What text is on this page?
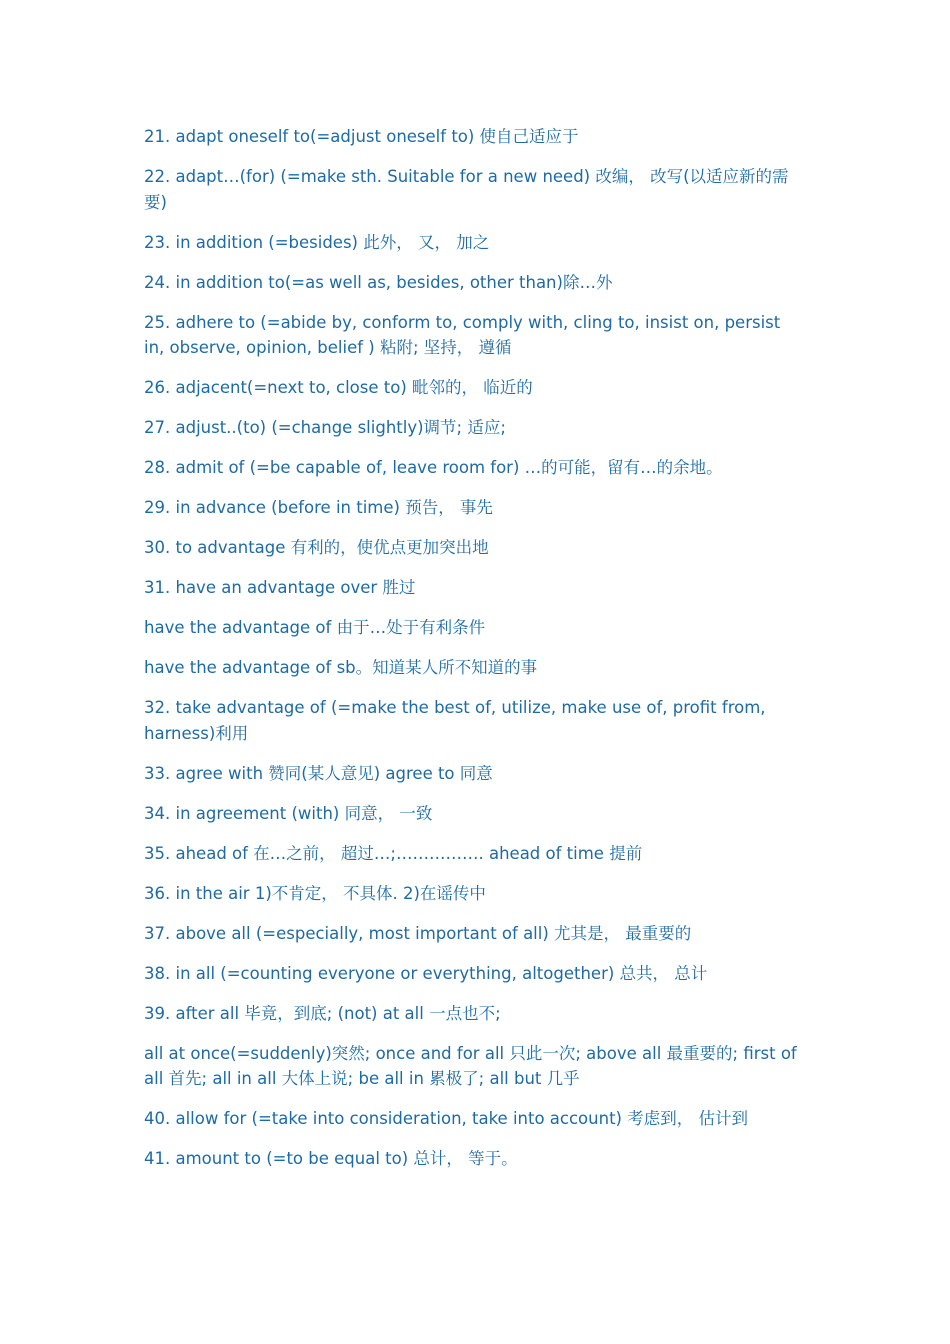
21. adapt oneself to(=adjust oneself to) 使自己适应于

22. adapt…(for) (=make sth. Suitable for a new need) 改编， 改写(以适应新的需要)

23. in addition (=besides) 此外， 又， 加之

24. in addition to(=as well as, besides, other than)除…外

25. adhere to (=abide by, conform to, comply with, cling to, insist on, persist in, observe, opinion, belief ) 粘附; 坚持， 遵循

26. adjacent(=next to, close to) 毗邻的， 临近的

27. adjust..(to) (=change slightly)调节; 适应;

28. admit of (=be capable of, leave room for) …的可能，留有…的余地。

29. in advance (before in time) 预告， 事先

30. to advantage 有利的，使优点更加突出地

31. have an advantage over 胜过

have the advantage of 由于…处于有利条件

have the advantage of sb。知道某人所不知道的事

32. take advantage of (=make the best of, utilize, make use of, profit from, harness)利用

33. agree with 赞同(某人意见) agree to 同意

34. in agreement (with) 同意， 一致

35. ahead of 在…之前， 超过…;……………. ahead of time 提前

36. in the air 1)不肯定， 不具体. 2)在谣传中

37. above all (=especially, most important of all) 尤其是， 最重要的

38. in all (=counting everyone or everything, altogether) 总共， 总计

39. after all 毕竟，到底; (not) at all 一点也不;

all at once(=suddenly)突然; once and for all 只此一次; above all 最重要的; first of all 首先; all in all 大体上说; be all in 累极了; all but 几乎

40. allow for (=take into consideration, take into account) 考虑到， 估计到

41. amount to (=to be equal to) 总计， 等于。
